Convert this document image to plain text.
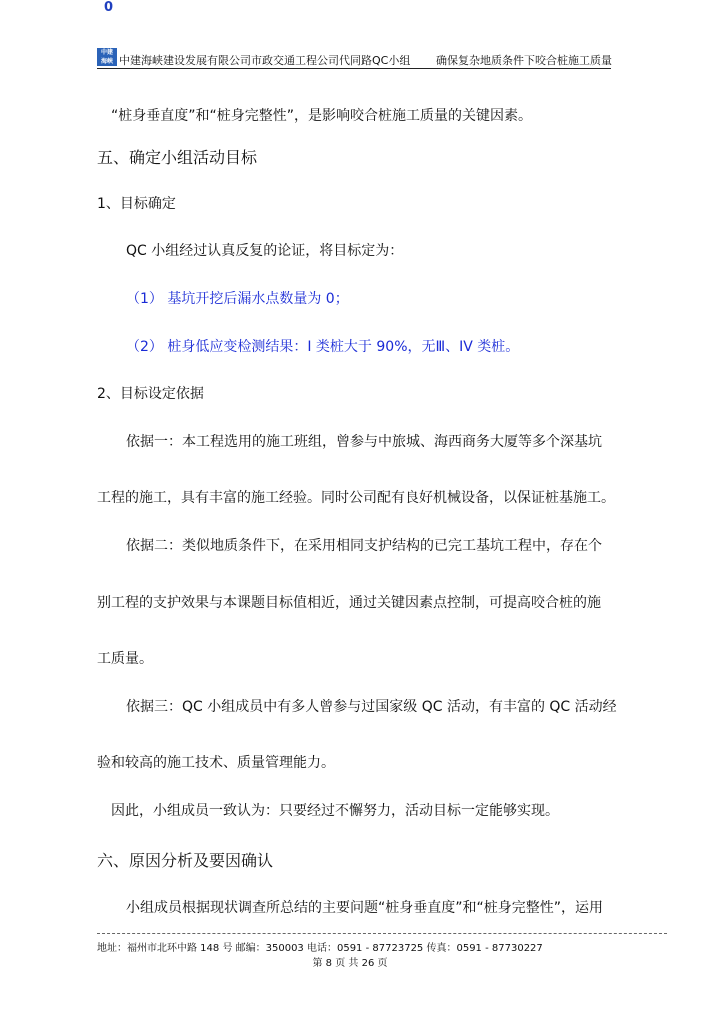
0
中建
海峡 中建海峡建设发展有限公司市政交通工程公司代同路QC小组 确保复杂地质条件下咬合桩施工质量
“桩身垂直度”和“桩身完整性”，是影响咬合桩施工质量的关键因素。
五、确定小组活动目标
1、目标确定
QC 小组经过认真反复的论证，将目标定为：
（1） 基坑开挖后漏水点数量为 0；
（2） 桩身低应变检测结果：I 类桩大于 90%，无Ⅲ、IV 类桩。
2、目标设定依据
依据一：本工程选用的施工班组，曾参与中旅城、海西商务大厦等多个深基坑
工程的施工，具有丰富的施工经验。同时公司配有良好机械设备，以保证桩基施工。
依据二：类似地质条件下，在采用相同支护结构的已完工基坑工程中，存在个
别工程的支护效果与本课题目标值相近，通过关键因素点控制，可提高咬合桩的施
工质量。
依据三：QC 小组成员中有多人曾参与过国家级 QC 活动，有丰富的 QC 活动经
验和较高的施工技术、质量管理能力。
因此，小组成员一致认为：只要经过不懈努力，活动目标一定能够实现。
六、原因分析及要因确认
小组成员根据现状调查所总结的主要问题“桩身垂直度”和“桩身完整性”，运用
地址：福州市北环中路 148 号 邮编：350003 电话：0591 - 87723725 传真：0591 - 87730227
第 8 页 共 26 页
